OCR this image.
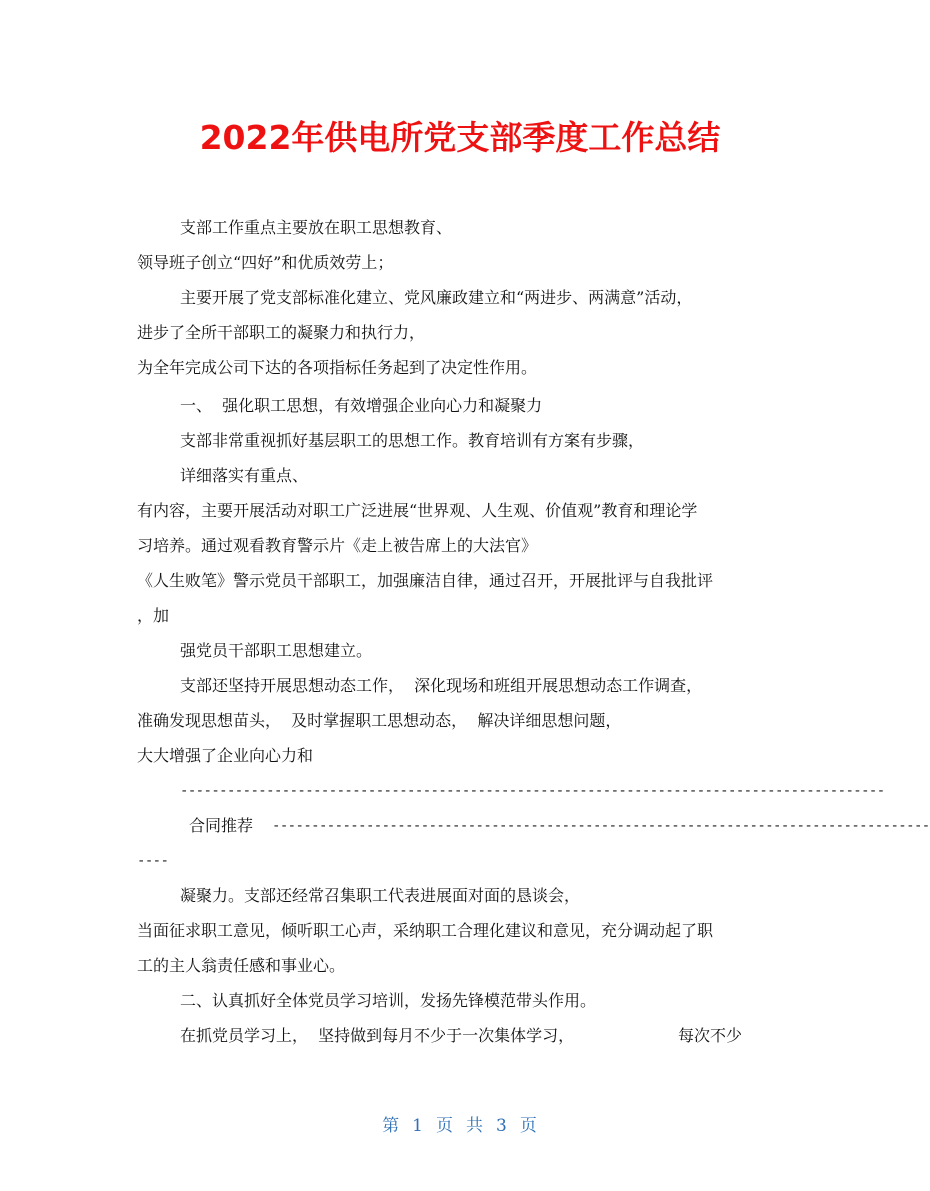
2022年供电所党支部季度工作总结
支部工作重点主要放在职工思想教育、
领导班子创立“四好”和优质效劳上；
主要开展了党支部标准化建立、党风廉政建立和“两进步、两满意”活动，
进步了全所干部职工的凝聚力和执行力，
为全年完成公司下达的各项指标任务起到了决定性作用。
一、  强化职工思想，有效增强企业向心力和凝聚力
支部非常重视抓好基层职工的思想工作。教育培训有方案有步骤，
详细落实有重点、
有内容，主要开展活动对职工广泛进展“世界观、人生观、价值观”教育和理论学
习培养。通过观看教育警示片《走上被告席上的大法官》
《人生败笔》警示党员干部职工，加强廉洁自律，通过召开，开展批评与自我批评
，加
强党员干部职工思想建立。
支部还坚持开展思想动态工作，  深化现场和班组开展思想动态工作调查，
准确发现思想苗头，  及时掌握职工思想动态，  解决详细思想问题，
大大增强了企业向心力和
------------------------------------------------------------------------------------------
合同推荐	------------------------------------------------------------------------------------
----
凝聚力。支部还经常召集职工代表进展面对面的恳谈会，
当面征求职工意见，倾听职工心声，采纳职工合理化建议和意见，充分调动起了职
工的主人翁责任感和事业心。
二、认真抓好全体党员学习培训，发扬先锋模范带头作用。
在抓党员学习上，  坚持做到每月不少于一次集体学习，	每次不少
第 1 页 共 3 页
